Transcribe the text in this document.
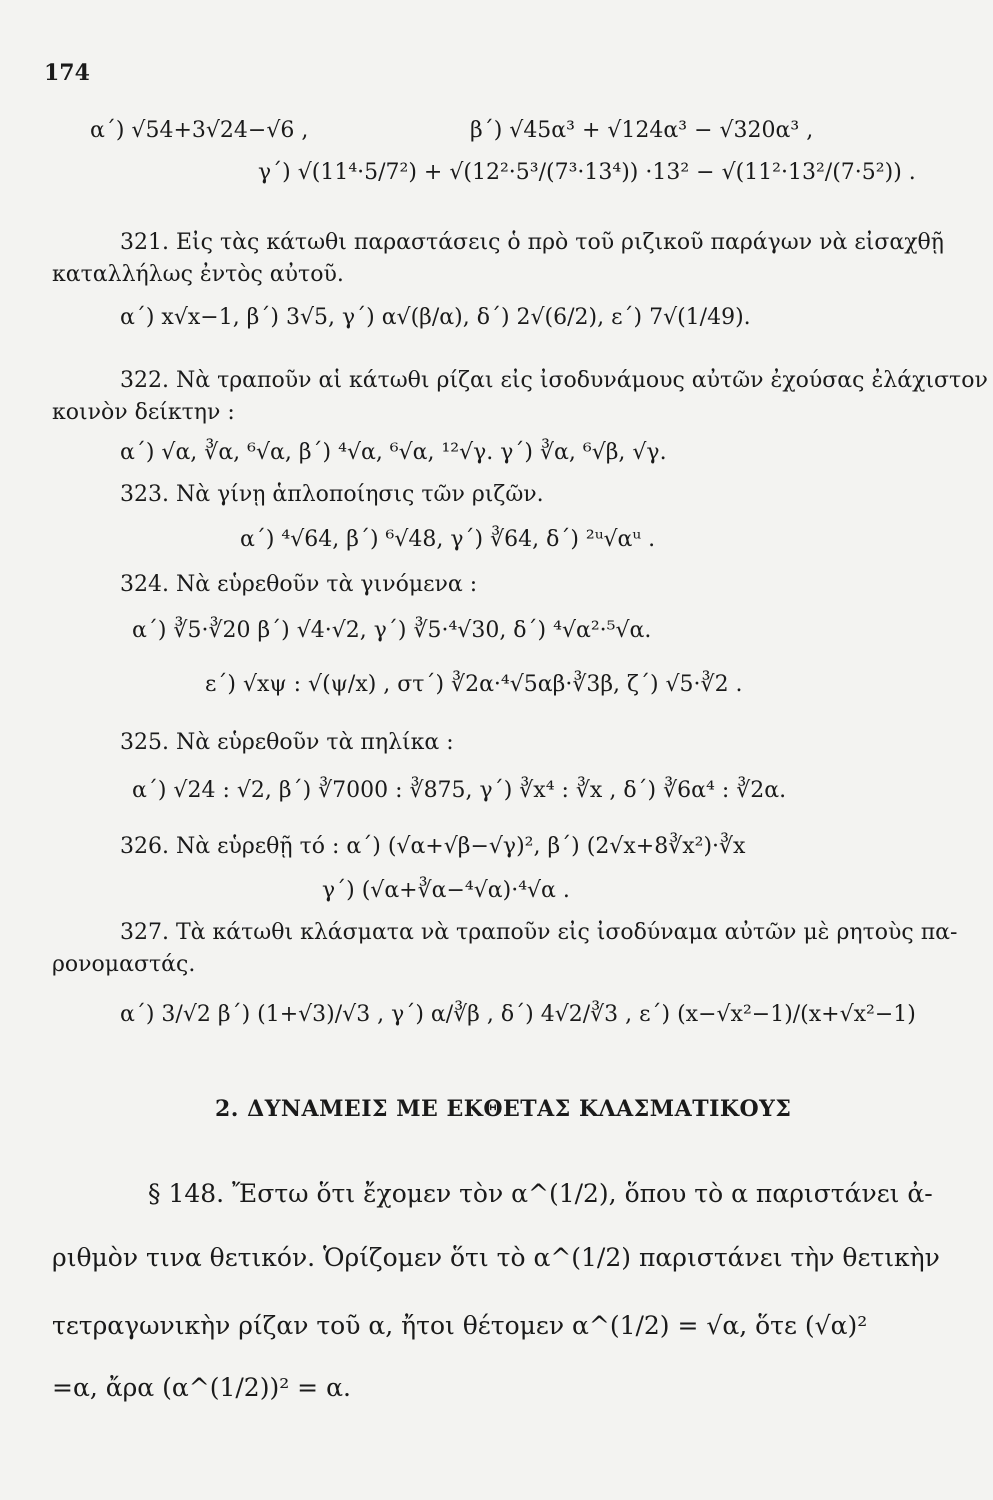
174
α΄) √54+3√24−√6 ,	β΄) √45α³ + √124α³ − √320α³ ,
γ΄) √(11⁴·5/7²) + √(12²·5³/(7³·13⁴)) ·13² − √(11²·13²/(7·5²)) .
321. Εἰς τὰς κάτωθι παραστάσεις ὁ πρὸ τοῦ ριζικοῦ παράγων νὰ εἰσαχθῇ
καταλλήλως ἐντὸς αὐτοῦ.
α΄) x√x−1, β΄) 3√5, γ΄) α√(β/α), δ΄) 2√(6/2), ε΄) 7√(1/49).
322. Νὰ τραποῦν αἱ κάτωθι ρίζαι εἰς ἰσοδυνάμους αὐτῶν ἐχούσας ἐλάχιστον
κοινὸν δείκτην :
α΄) √α, ∛α, ⁶√α, β΄) ⁴√α, ⁶√α, ¹²√γ. γ΄) ∛α, ⁶√β, √γ.
323. Νὰ γίνῃ ἁπλοποίησις τῶν ριζῶν.
α΄) ⁴√64, β΄) ⁶√48, γ΄) ∛64, δ΄) ²ᵘ√αᵘ .
324. Νὰ εὑρεθοῦν τὰ γινόμενα :
α΄) ∛5·∛20 β΄) √4·√2, γ΄) ∛5·⁴√30, δ΄) ⁴√α²·⁵√α.
ε΄) √xψ : √(ψ/x) , στ΄) ∛2α·⁴√5αβ·∛3β, ζ΄) √5·∛2 .
325. Νὰ εὑρεθοῦν τὰ πηλίκα :
α΄) √24 : √2, β΄) ∛7000 : ∛875, γ΄) ∛x⁴ : ∛x , δ΄) ∛6α⁴ : ∛2α.
326. Νὰ εὑρεθῇ τό : α΄) (√α+√β−√γ)², β΄) (2√x+8∛x²)·∛x
γ΄) (√α+∛α−⁴√α)·⁴√α .
327. Τὰ κάτωθι κλάσματα νὰ τραποῦν εἰς ἰσοδύναμα αὐτῶν μὲ ρητοὺς πα-
ρονομαστάς.
α΄) 3/√2 β΄) (1+√3)/√3 , γ΄) α/∛β , δ΄) 4√2/∛3 , ε΄) (x−√x²−1)/(x+√x²−1)
2. ΔΥΝΑΜΕΙΣ ΜΕ ΕΚΘΕΤΑΣ ΚΛΑΣΜΑΤΙΚΟΥΣ
§ 148. Ἔστω ὅτι ἔχομεν τὸν α^(1/2), ὅπου τὸ α παριστάνει ἀ-
ριθμὸν τινα θετικόν. Ὁρίζομεν ὅτι τὸ α^(1/2) παριστάνει τὴν θετικὴν
τετραγωνικὴν ρίζαν τοῦ α, ἤτοι θέτομεν α^(1/2) = √α, ὅτε (√α)²
=α, ἄρα (α^(1/2))² = α.
